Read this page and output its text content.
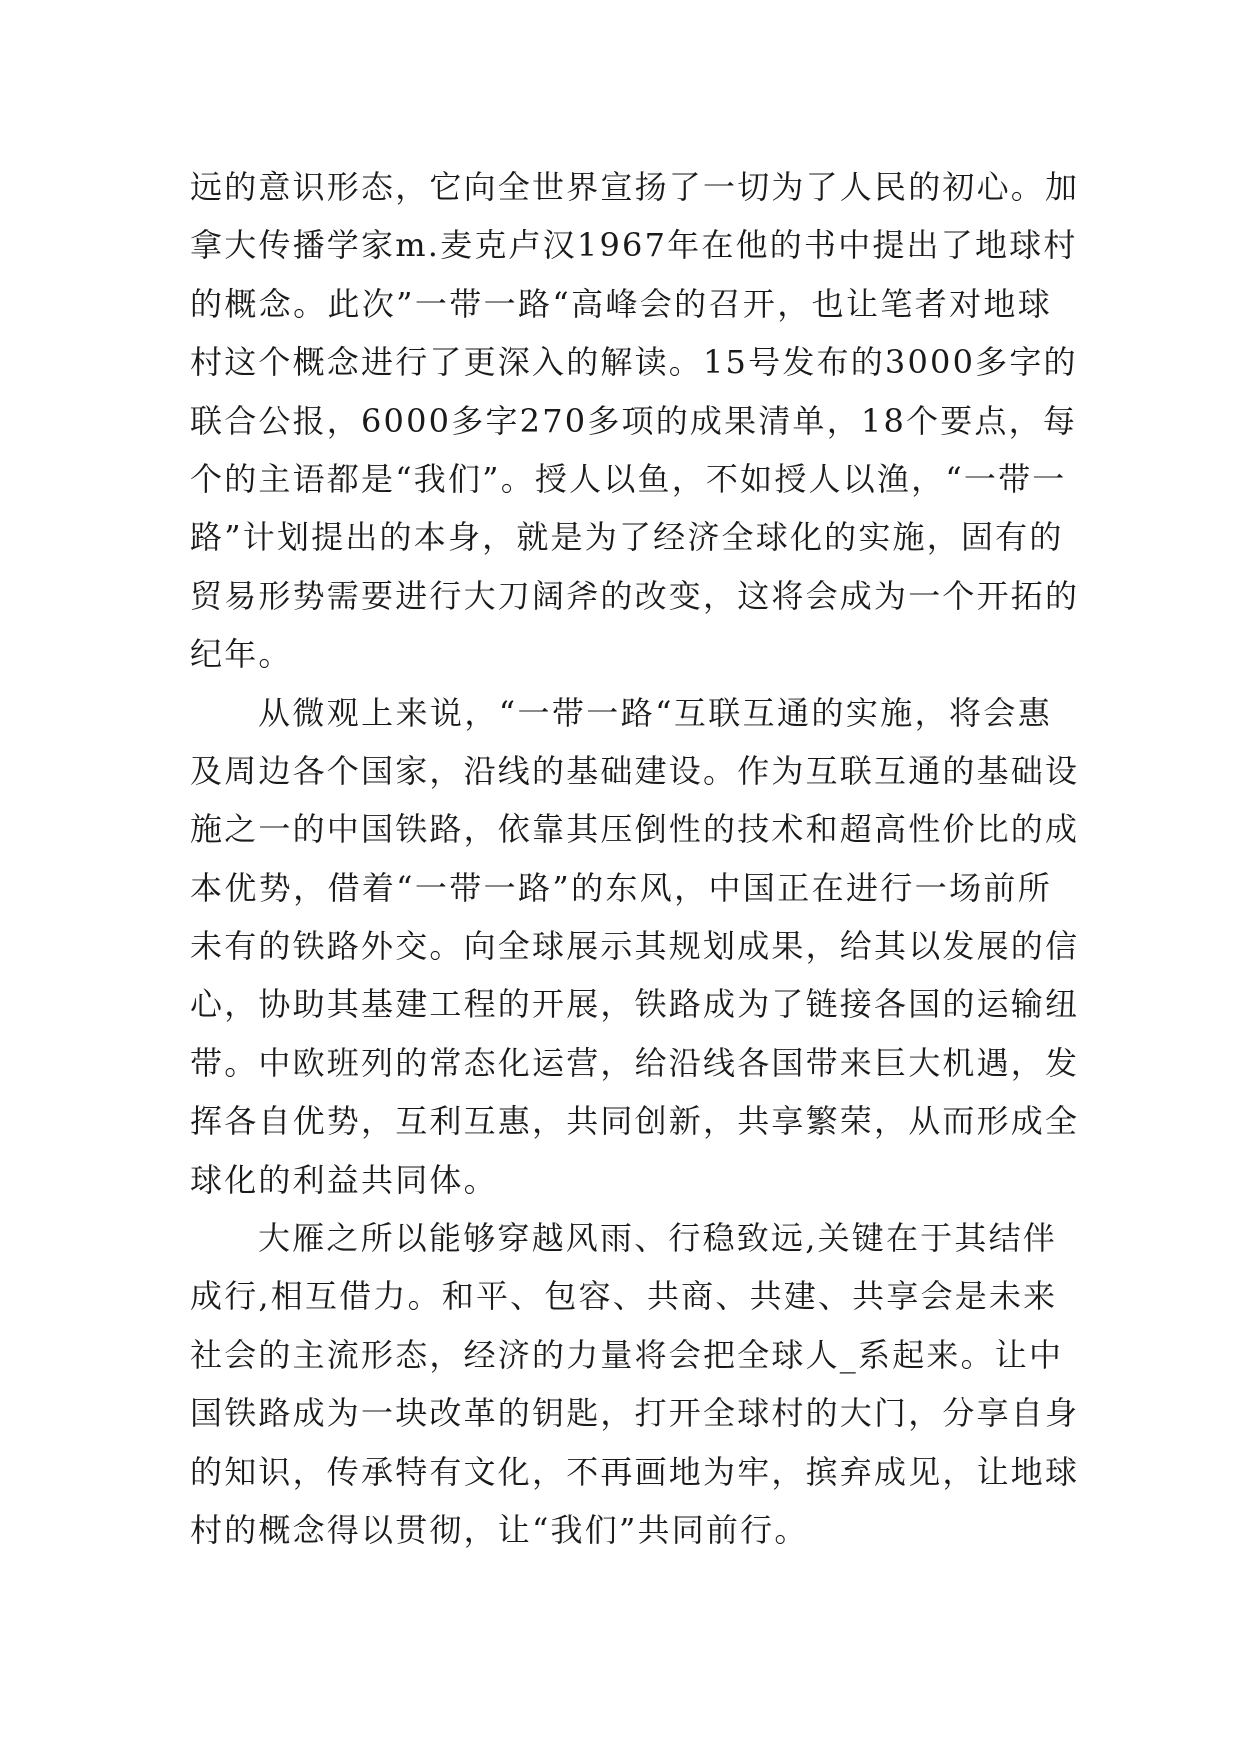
远的意识形态，它向全世界宣扬了一切为了人民的初心。加
拿大传播学家m.麦克卢汉1967年在他的书中提出了地球村
的概念。此次”一带一路“高峰会的召开，也让笔者对地球
村这个概念进行了更深入的解读。15号发布的3000多字的
联合公报，6000多字270多项的成果清单，18个要点，每
个的主语都是“我们”。授人以鱼，不如授人以渔，“一带一
路”计划提出的本身，就是为了经济全球化的实施，固有的
贸易形势需要进行大刀阔斧的改变，这将会成为一个开拓的
纪年。
从微观上来说，“一带一路“互联互通的实施，将会惠
及周边各个国家，沿线的基础建设。作为互联互通的基础设
施之一的中国铁路，依靠其压倒性的技术和超高性价比的成
本优势，借着“一带一路”的东风，中国正在进行一场前所
未有的铁路外交。向全球展示其规划成果，给其以发展的信
心，协助其基建工程的开展，铁路成为了链接各国的运输纽
带。中欧班列的常态化运营，给沿线各国带来巨大机遇，发
挥各自优势，互利互惠，共同创新，共享繁荣，从而形成全
球化的利益共同体。
大雁之所以能够穿越风雨、行稳致远,关键在于其结伴
成行,相互借力。和平、包容、共商、共建、共享会是未来
社会的主流形态，经济的力量将会把全球人_系起来。让中
国铁路成为一块改革的钥匙，打开全球村的大门，分享自身
的知识，传承特有文化，不再画地为牢，摈弃成见，让地球
村的概念得以贯彻，让“我们”共同前行。
